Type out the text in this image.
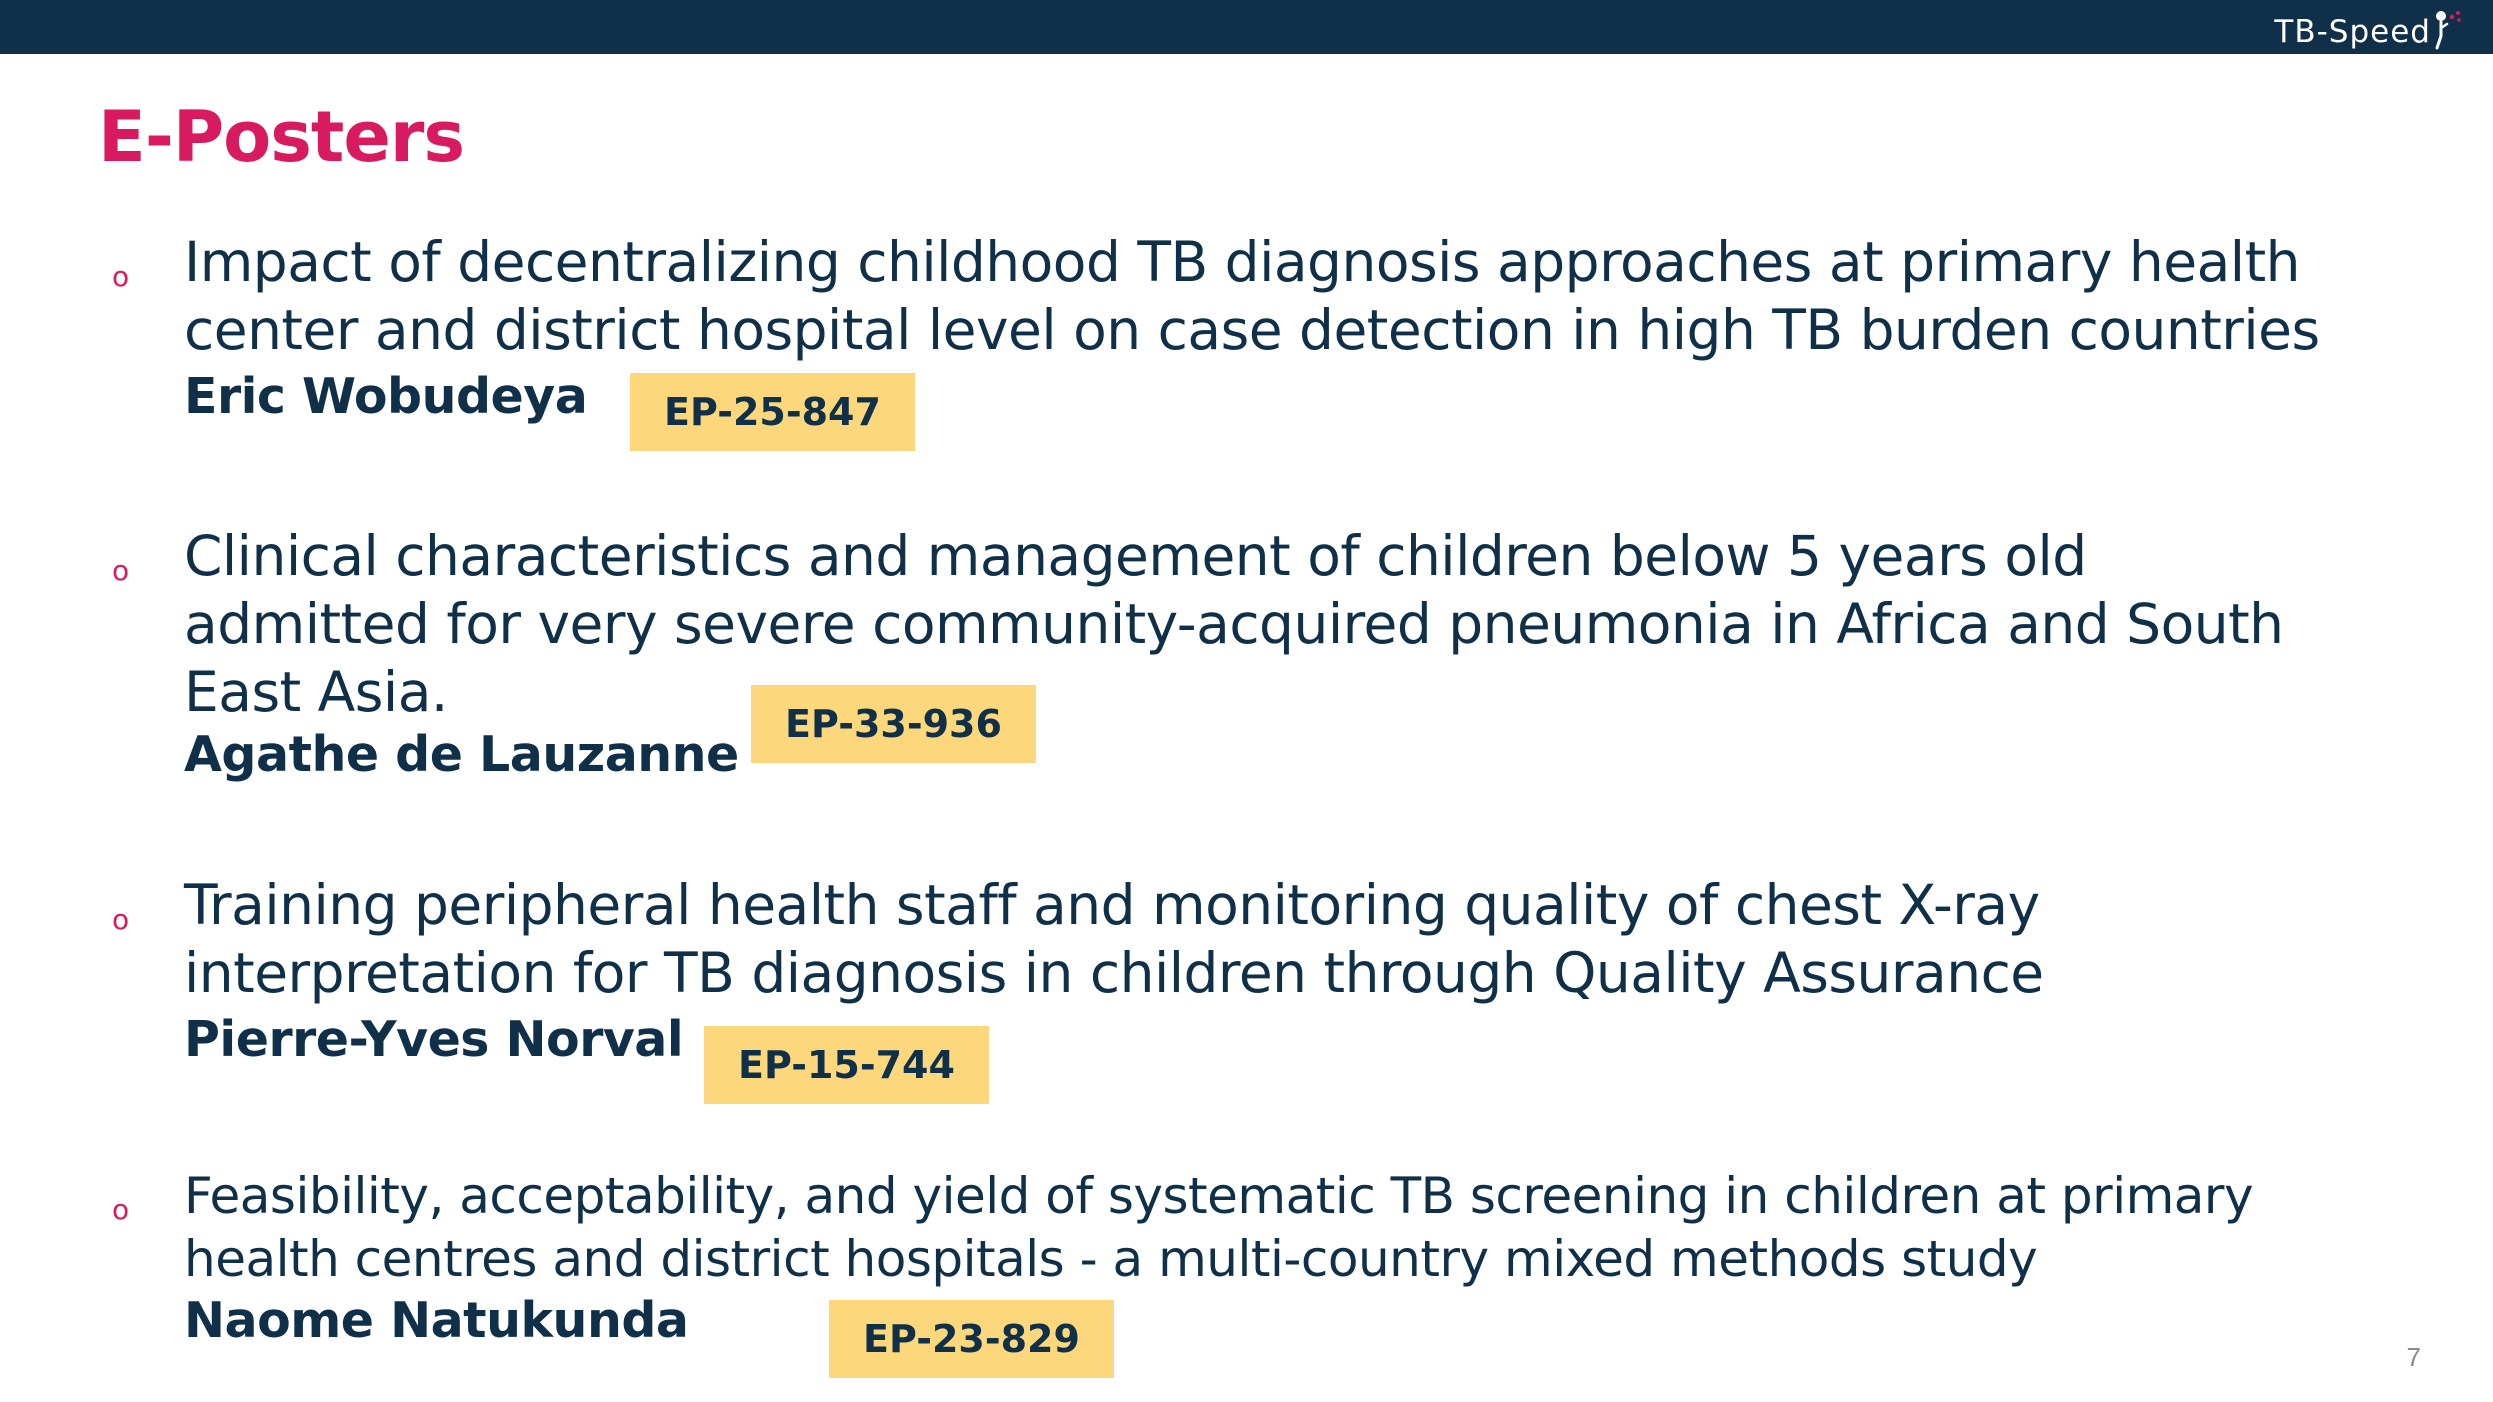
TB-Speed
E-Posters
o Impact of decentralizing childhood TB diagnosis approaches at primary health
center and district hospital level on case detection in high TB burden countries
Eric Wobudeya	EP-25-847
o Clinical characteristics and management of children below 5 years old
admitted for very severe community-acquired pneumonia in Africa and South
East Asia.
Agathe de Lauzanne
EP-33-936
o Training peripheral health staff and monitoring quality of chest X-ray
interpretation for TB diagnosis in children through Quality Assurance
Pierre-Yves Norval	EP-15-744
o Feasibility, acceptability, and yield of systematic TB screening in children at primary
health centres and district hospitals - a multi-country mixed methods study
Naome Natukunda	EP-23-829	7
